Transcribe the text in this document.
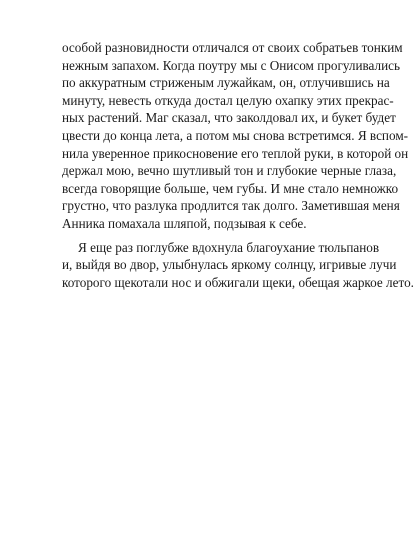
особой разновидности отличался от своих собратьев тонким
нежным запахом. Когда поутру мы с Онисом прогуливались
по аккуратным стриженым лужайкам, он, отлучившись на
минуту, невесть откуда достал целую охапку этих прекрас-
ных растений. Маг сказал, что заколдовал их, и букет будет
цвести до конца лета, а потом мы снова встретимся. Я вспом-
нила уверенное прикосновение его теплой руки, в которой он
держал мою, вечно шутливый тон и глубокие черные глаза,
всегда говорящие больше, чем губы. И мне стало немножко
грустно, что разлука продлится так долго. Заметившая меня
Анника помахала шляпой, подзывая к себе.
Я еще раз поглубже вдохнула благоухание тюльпанов
и, выйдя во двор, улыбнулась яркому солнцу, игривые лучи
которого щекотали нос и обжигали щеки, обещая жаркое лето.
